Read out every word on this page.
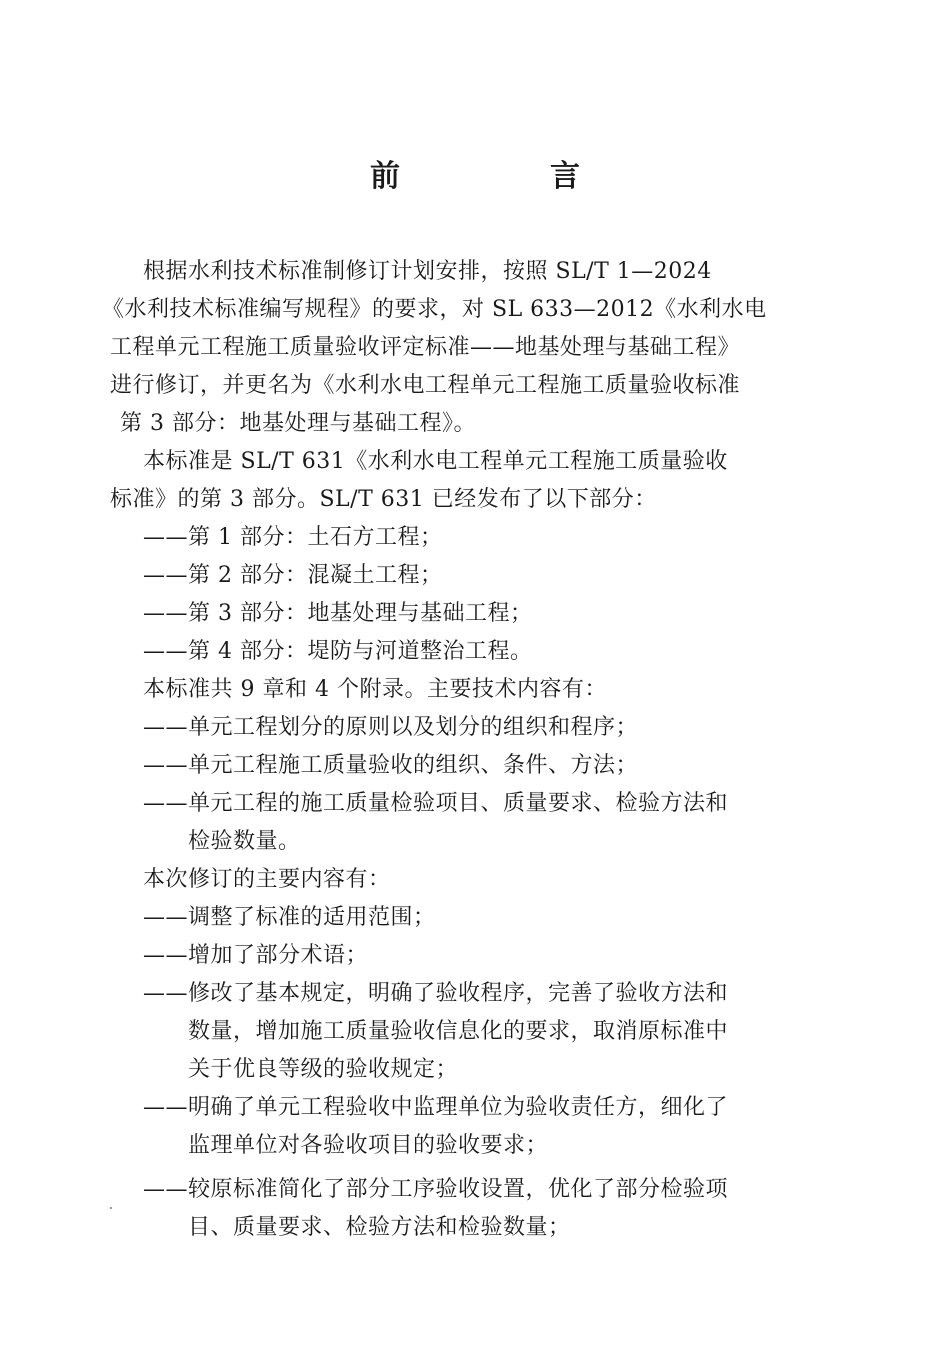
前　言
根据水利技术标准制修订计划安排，按照 SL/T 1—2024
《水利技术标准编写规程》的要求，对 SL 633—2012《水利水电
工程单元工程施工质量验收评定标准——地基处理与基础工程》
进行修订，并更名为《水利水电工程单元工程施工质量验收标准
第 3 部分：地基处理与基础工程》。
本标准是 SL/T 631《水利水电工程单元工程施工质量验收
标准》的第 3 部分。SL/T 631 已经发布了以下部分：
——第 1 部分：土石方工程；
——第 2 部分：混凝土工程；
——第 3 部分：地基处理与基础工程；
——第 4 部分：堤防与河道整治工程。
本标准共 9 章和 4 个附录。主要技术内容有：
——单元工程划分的原则以及划分的组织和程序；
——单元工程施工质量验收的组织、条件、方法；
——单元工程的施工质量检验项目、质量要求、检验方法和
检验数量。
本次修订的主要内容有：
——调整了标准的适用范围；
——增加了部分术语；
——修改了基本规定，明确了验收程序，完善了验收方法和
数量，增加施工质量验收信息化的要求，取消原标准中
关于优良等级的验收规定；
——明确了单元工程验收中监理单位为验收责任方，细化了
监理单位对各验收项目的验收要求；
——较原标准简化了部分工序验收设置，优化了部分检验项
目、质量要求、检验方法和检验数量；
